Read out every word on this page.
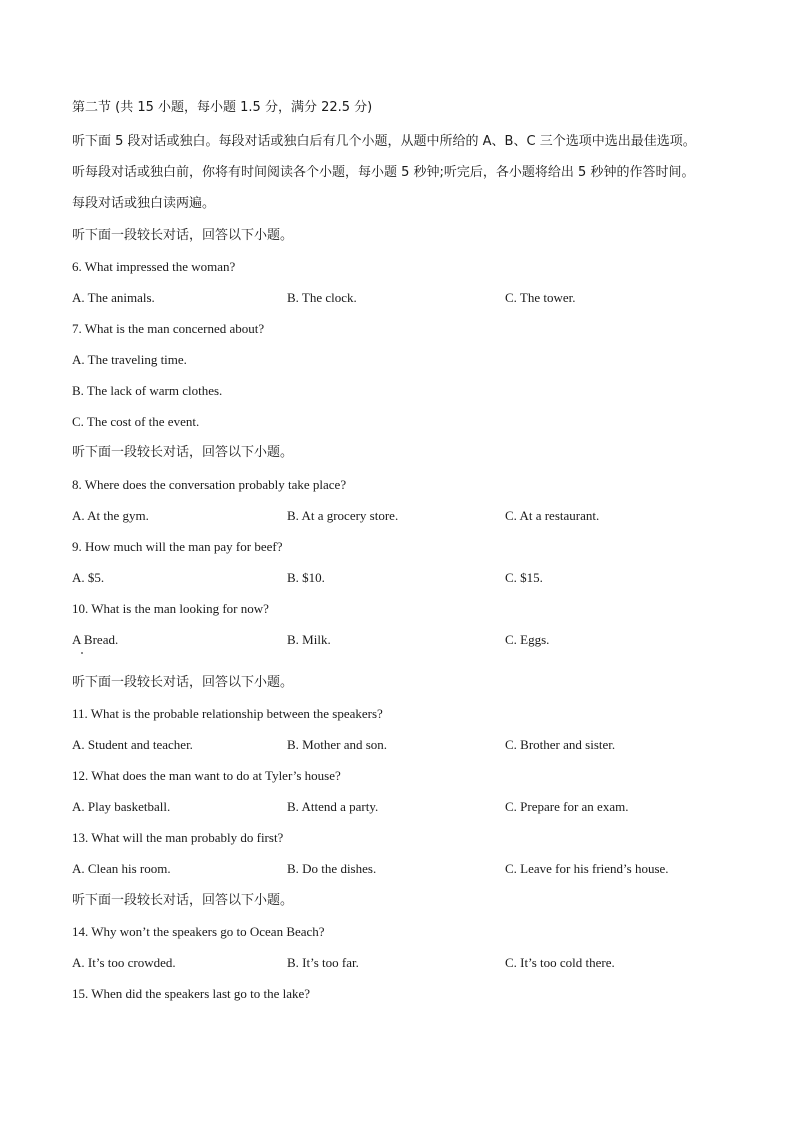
第二节 (共 15 小题，每小题 1.5 分，满分 22.5 分)
听下面 5 段对话或独白。每段对话或独白后有几个小题，从题中所给的 A、B、C 三个选项中选出最佳选项。
听每段对话或独白前，你将有时间阅读各个小题，每小题 5 秒钟;听完后，各小题将给出 5 秒钟的作答时间。
每段对话或独白读两遍。
听下面一段较长对话，回答以下小题。
6. What impressed the woman?
A. The animals.	B. The clock.	C. The tower.
7. What is the man concerned about?
A. The traveling time.
B. The lack of warm clothes.
C. The cost of the event.
听下面一段较长对话，回答以下小题。
8. Where does the conversation probably take place?
A. At the gym.	B. At a grocery store.	C. At a restaurant.
9. How much will the man pay for beef?
A. $5.	B. $10.	C. $15.
10. What is the man looking for now?
A Bread.	B. Milk.	C. Eggs.
听下面一段较长对话，回答以下小题。
11. What is the probable relationship between the speakers?
A. Student and teacher.	B. Mother and son.	C. Brother and sister.
12. What does the man want to do at Tyler’s house?
A. Play basketball.	B. Attend a party.	C. Prepare for an exam.
13. What will the man probably do first?
A. Clean his room.	B. Do the dishes.	C. Leave for his friend’s house.
听下面一段较长对话，回答以下小题。
14. Why won’t the speakers go to Ocean Beach?
A. It’s too crowded.	B. It’s too far.	C. It’s too cold there.
15. When did the speakers last go to the lake?
